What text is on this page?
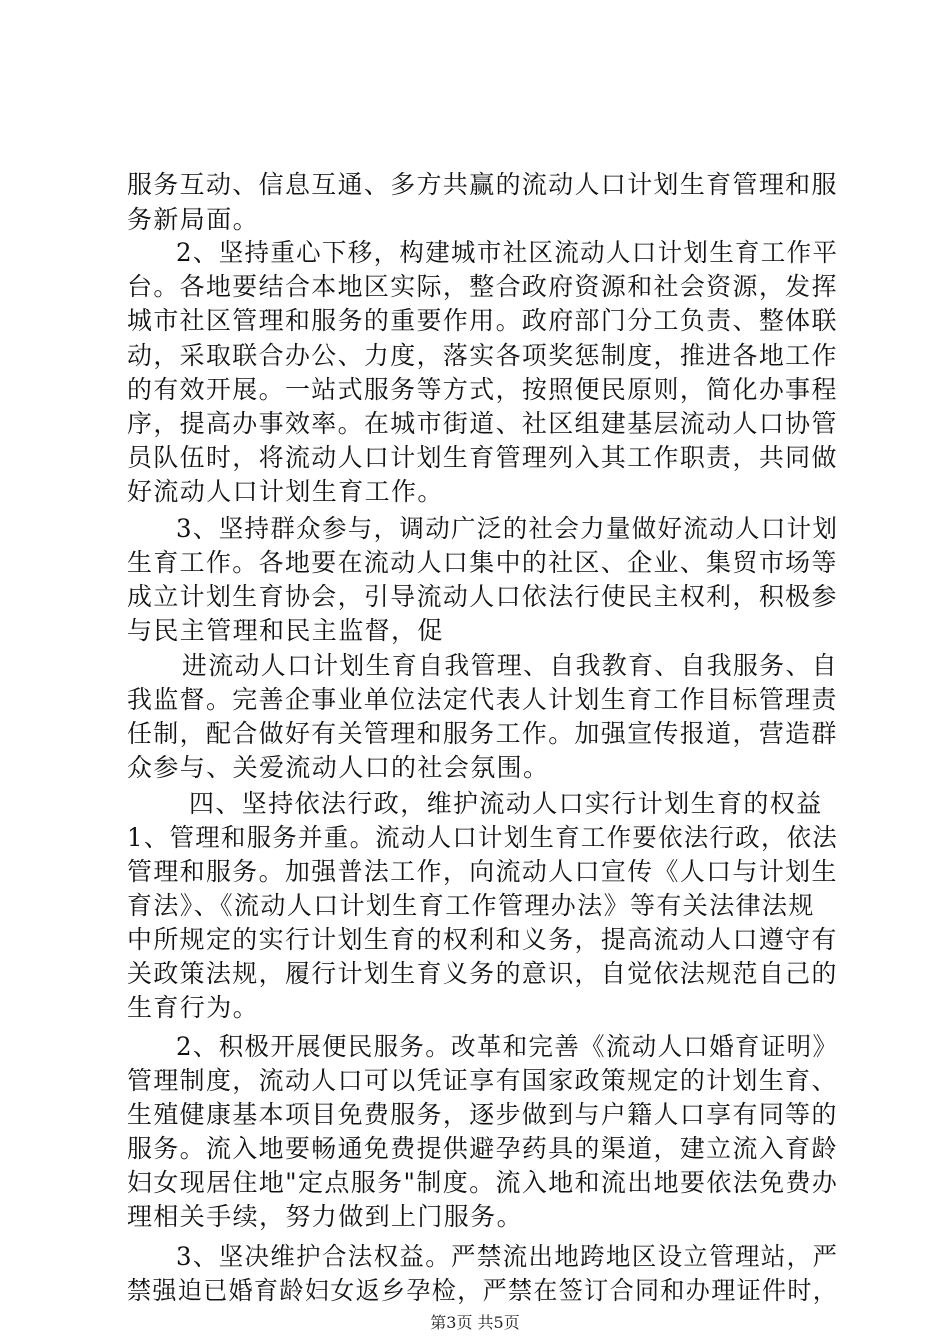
服务互动、信息互通、多方共赢的流动人口计划生育管理和服
务新局面。
2、坚持重心下移，构建城市社区流动人口计划生育工作平
台。各地要结合本地区实际，整合政府资源和社会资源，发挥
城市社区管理和服务的重要作用。政府部门分工负责、整体联
动，采取联合办公、力度，落实各项奖惩制度，推进各地工作
的有效开展。一站式服务等方式，按照便民原则，简化办事程
序，提高办事效率。在城市街道、社区组建基层流动人口协管
员队伍时，将流动人口计划生育管理列入其工作职责，共同做
好流动人口计划生育工作。
3、坚持群众参与，调动广泛的社会力量做好流动人口计划
生育工作。各地要在流动人口集中的社区、企业、集贸市场等
成立计划生育协会，引导流动人口依法行使民主权利，积极参
与民主管理和民主监督，促
进流动人口计划生育自我管理、自我教育、自我服务、自
我监督。完善企事业单位法定代表人计划生育工作目标管理责
任制，配合做好有关管理和服务工作。加强宣传报道，营造群
众参与、关爱流动人口的社会氛围。
四、坚持依法行政，维护流动人口实行计划生育的权益
1、管理和服务并重。流动人口计划生育工作要依法行政，依法
管理和服务。加强普法工作，向流动人口宣传《人口与计划生
育法》、《流动人口计划生育工作管理办法》等有关法律法规
中所规定的实行计划生育的权利和义务，提高流动人口遵守有
关政策法规，履行计划生育义务的意识，自觉依法规范自己的
生育行为。
2、积极开展便民服务。改革和完善《流动人口婚育证明》
管理制度，流动人口可以凭证享有国家政策规定的计划生育、
生殖健康基本项目免费服务，逐步做到与户籍人口享有同等的
服务。流入地要畅通免费提供避孕药具的渠道，建立流入育龄
妇女现居住地"定点服务"制度。流入地和流出地要依法免费办
理相关手续，努力做到上门服务。
3、坚决维护合法权益。严禁流出地跨地区设立管理站，严
禁强迫已婚育龄妇女返乡孕检，严禁在签订合同和办理证件时，
第3页 共5页
